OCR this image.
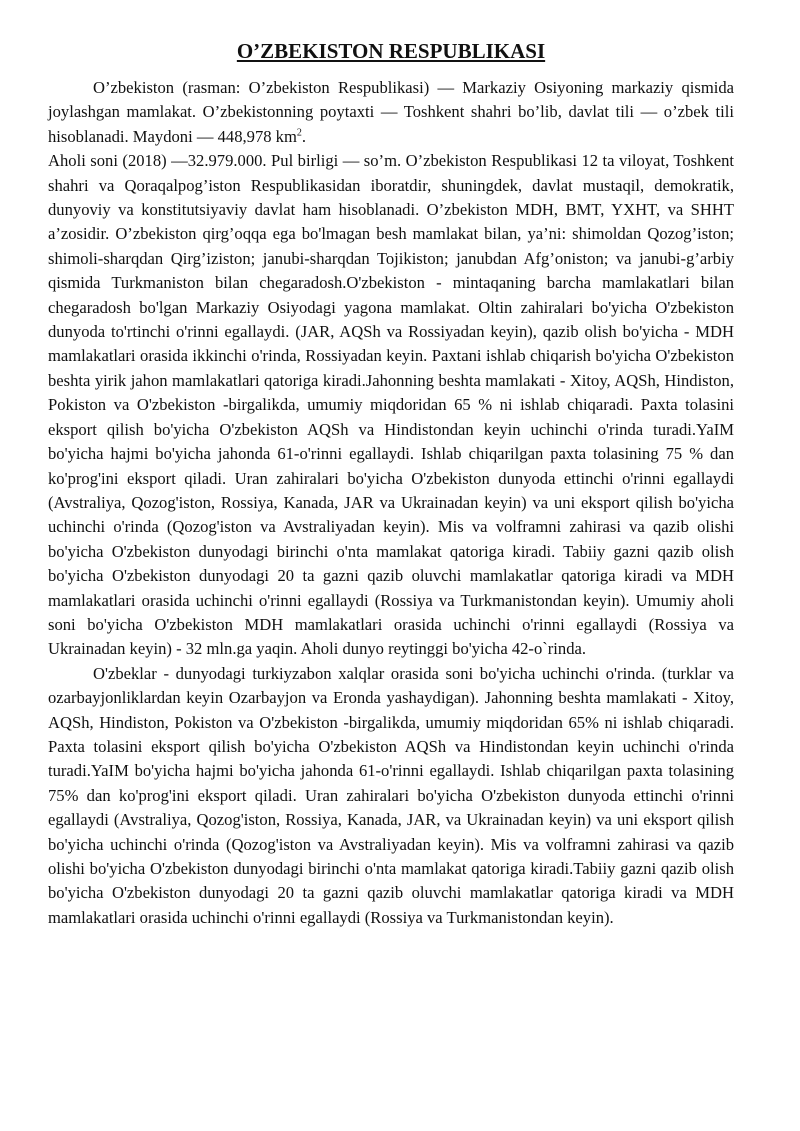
O’ZBEKISTON RESPUBLIKASI

O’zbekiston (rasman: O’zbekiston Respublikasi) — Markaziy Osiyoning markaziy qismida joylashgan mamlakat. O’zbekistonning poytaxti — Toshkent shahri bo’lib, davlat tili — o’zbek tili hisoblanadi. Maydoni — 448,978 $km^2$.

Aholi soni (2018) —32.979.000. Pul birligi — so’m. O’zbekiston Respublikasi 12 ta viloyat, Toshkent shahri va Qoraqalpog’iston Respublikasidan iboratdir, shuningdek, davlat mustaqil, demokratik, dunyoviy va konstitutsiyaviy davlat ham hisoblanadi. O’zbekiston MDH, BMT, YXHT, va SHHT a’zosidir. O’zbekiston qirg’oqqa ega bo'lmagan besh mamlakat bilan, ya’ni: shimoldan Qozog’iston; shimoli-sharqdan Qirg’iziston; janubi-sharqdan Tojikiston; janubdan Afg’oniston; va janubi-g’arbiy qismida Turkmaniston bilan chegaradosh.O'zbekiston - mintaqaning barcha mamlakatlari bilan chegaradosh bo'lgan Markaziy Osiyodagi yagona mamlakat. Oltin zahiralari bo'yicha O'zbekiston dunyoda to'rtinchi o'rinni egallaydi. (JAR, AQSh va Rossiyadan keyin), qazib olish bo'yicha - MDH mamlakatlari orasida ikkinchi o'rinda, Rossiyadan keyin. Paxtani ishlab chiqarish bo'yicha O'zbekiston beshta yirik jahon mamlakatlari qatoriga kiradi.Jahonning beshta mamlakati - Xitoy, AQSh, Hindiston, Pokiston va O'zbekiston -birgalikda, umumiy miqdoridan 65 % ni ishlab chiqaradi. Paxta tolasini eksport qilish bo'yicha O'zbekiston AQSh va Hindistondan keyin uchinchi o'rinda turadi.YaIM bo'yicha hajmi bo'yicha jahonda 61-o'rinni egallaydi. Ishlab chiqarilgan paxta tolasining 75 % dan ko'prog'ini eksport qiladi. Uran zahiralari bo'yicha O'zbekiston dunyoda ettinchi o'rinni egallaydi (Avstraliya, Qozog'iston, Rossiya, Kanada, JAR va Ukrainadan keyin) va uni eksport qilish bo'yicha uchinchi o'rinda (Qozog'iston va Avstraliyadan keyin). Mis va volframni zahirasi va qazib olishi bo'yicha O'zbekiston dunyodagi birinchi o'nta mamlakat qatoriga kiradi. Tabiiy gazni qazib olish bo'yicha O'zbekiston dunyodagi 20 ta gazni qazib oluvchi mamlakatlar qatoriga kiradi va MDH mamlakatlari orasida uchinchi o'rinni egallaydi (Rossiya va Turkmanistondan keyin). Umumiy aholi soni bo'yicha O'zbekiston MDH mamlakatlari orasida uchinchi o'rinni egallaydi (Rossiya va Ukrainadan keyin) - 32 mln.ga yaqin. Aholi dunyo reytinggi bo'yicha 42-o`rinda.

O'zbeklar - dunyodagi turkiyzabon xalqlar orasida soni bo'yicha uchinchi o'rinda. (turklar va ozarbayjonliklardan keyin Ozarbayjon va Eronda yashaydigan). Jahonning beshta mamlakati - Xitoy, AQSh, Hindiston, Pokiston va O'zbekiston -birgalikda, umumiy miqdoridan 65% ni ishlab chiqaradi. Paxta tolasini eksport qilish bo'yicha O'zbekiston AQSh va Hindistondan keyin uchinchi o'rinda turadi.YaIM bo'yicha hajmi bo'yicha jahonda 61-o'rinni egallaydi. Ishlab chiqarilgan paxta tolasining 75% dan ko'prog'ini eksport qiladi. Uran zahiralari bo'yicha O'zbekiston dunyoda ettinchi o'rinni egallaydi (Avstraliya, Qozog'iston, Rossiya, Kanada, JAR, va Ukrainadan keyin) va uni eksport qilish bo'yicha uchinchi o'rinda (Qozog'iston va Avstraliyadan keyin). Mis va volframni zahirasi va qazib olishi bo'yicha O'zbekiston dunyodagi birinchi o'nta mamlakat qatoriga kiradi.Tabiiy gazni qazib olish bo'yicha O'zbekiston dunyodagi 20 ta gazni qazib oluvchi mamlakatlar qatoriga kiradi va MDH mamlakatlari orasida uchinchi o'rinni egallaydi (Rossiya va Turkmanistondan keyin).
